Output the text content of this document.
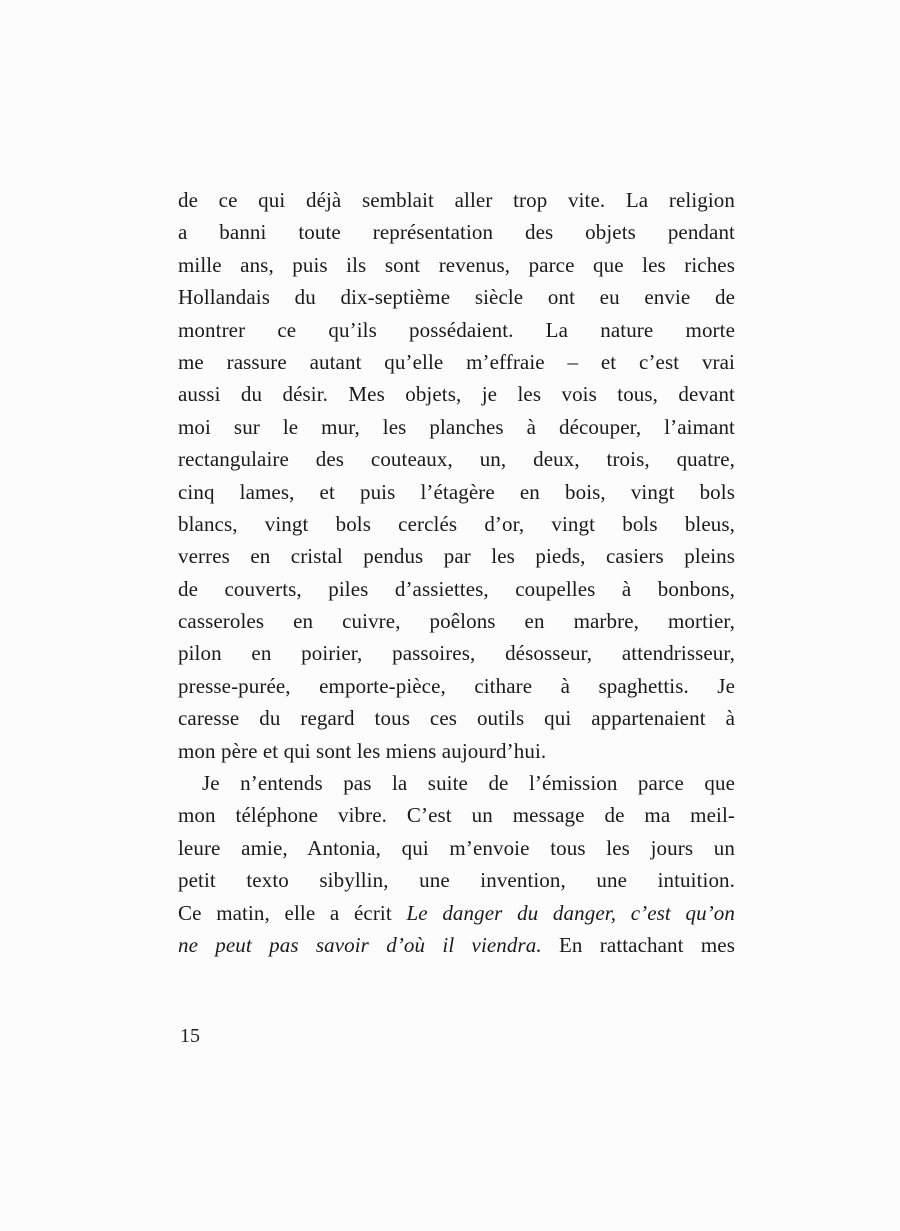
de ce qui déjà semblait aller trop vite. La religion
a banni toute représentation des objets pendant
mille ans, puis ils sont revenus, parce que les riches
Hollandais du dix-septième siècle ont eu envie de
montrer ce qu’ils possédaient. La nature morte
me rassure autant qu’elle m’effraie – et c’est vrai
aussi du désir. Mes objets, je les vois tous, devant
moi sur le mur, les planches à découper, l’aimant
rectangulaire des couteaux, un, deux, trois, quatre,
cinq lames, et puis l’étagère en bois, vingt bols
blancs, vingt bols cerclés d’or, vingt bols bleus,
verres en cristal pendus par les pieds, casiers pleins
de couverts, piles d’assiettes, coupelles à bonbons,
casseroles en cuivre, poêlons en marbre, mortier,
pilon en poirier, passoires, désosseur, attendrisseur,
presse-purée, emporte-pièce, cithare à spaghettis. Je
caresse du regard tous ces outils qui appartenaient à
mon père et qui sont les miens aujourd’hui.
Je n’entends pas la suite de l’émission parce que
mon téléphone vibre. C’est un message de ma meil-
leure amie, Antonia, qui m’envoie tous les jours un
petit texto sibyllin, une invention, une intuition.
Ce matin, elle a écrit Le danger du danger, c’est qu’on
ne peut pas savoir d’où il viendra. En rattachant mes
15
